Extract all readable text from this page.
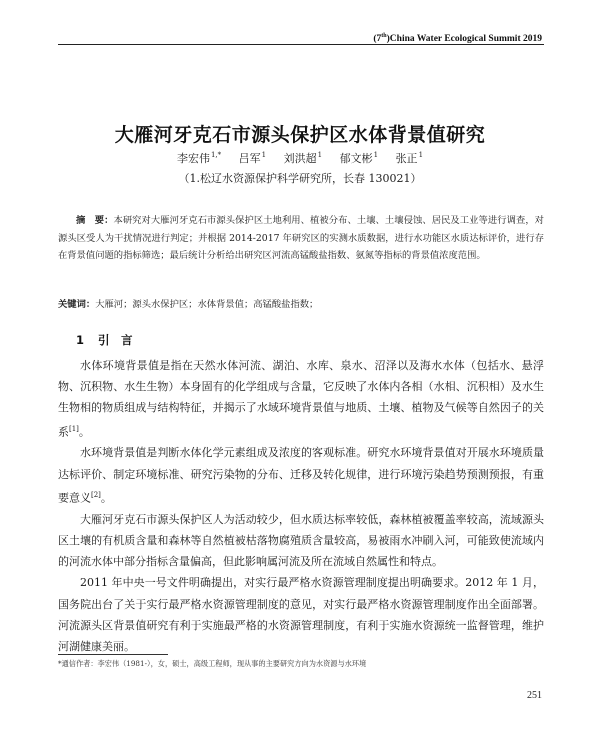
(7th)China Water Ecological Summit 2019
大雁河牙克石市源头保护区水体背景值研究
李宏伟$^{1,*}$ 吕军$^1$ 刘洪超$^1$ 郁文彬$^1$ 张正$^1$
（1.松辽水资源保护科学研究所，长春 130021）
摘　要：本研究对大雁河牙克石市源头保护区土地利用、植被分布、土壤、土壤侵蚀、居民及工业等进行调查，对源头区受人为干扰情况进行判定；并根据 2014-2017 年研究区的实测水质数据，进行水功能区水质达标评价，进行存在背景值问题的指标筛选；最后统计分析给出研究区河流高锰酸盐指数、氨氮等指标的背景值浓度范围。
关键词：大雁河；源头水保护区；水体背景值；高锰酸盐指数；
1 引　言

水体环境背景值是指在天然水体河流、湖泊、水库、泉水、沼泽以及海水水体（包括水、悬浮物、沉积物、水生生物）本身固有的化学组成与含量，它反映了水体内各相（水相、沉积相）及水生生物相的物质组成与结构特征，并揭示了水域环境背景值与地质、土壤、植物及气候等自然因子的关系[1]。

水环境背景值是判断水体化学元素组成及浓度的客观标准。研究水环境背景值对开展水环境质量达标评价、制定环境标准、研究污染物的分布、迁移及转化规律，进行环境污染趋势预测预报，有重要意义[2]。

大雁河牙克石市源头保护区人为活动较少，但水质达标率较低，森林植被覆盖率较高，流域源头区土壤的有机质含量和森林等自然植被枯落物腐殖质含量较高，易被雨水冲刷入河，可能致使流域内的河流水体中部分指标含量偏高，但此影响属河流及所在流域自然属性和特点。

2011 年中央一号文件明确提出，对实行最严格水资源管理制度提出明确要求。2012 年 1 月，国务院出台了关于实行最严格水资源管理制度的意见，对实行最严格水资源管理制度作出全面部署。河流源头区背景值研究有利于实施最严格的水资源管理制度，有利于实施水资源统一监督管理，维护河湖健康美丽。

*通信作者：李宏伟（1981-），女，硕士，高级工程师，现从事的主要研究方向为水资源与水环境
251
